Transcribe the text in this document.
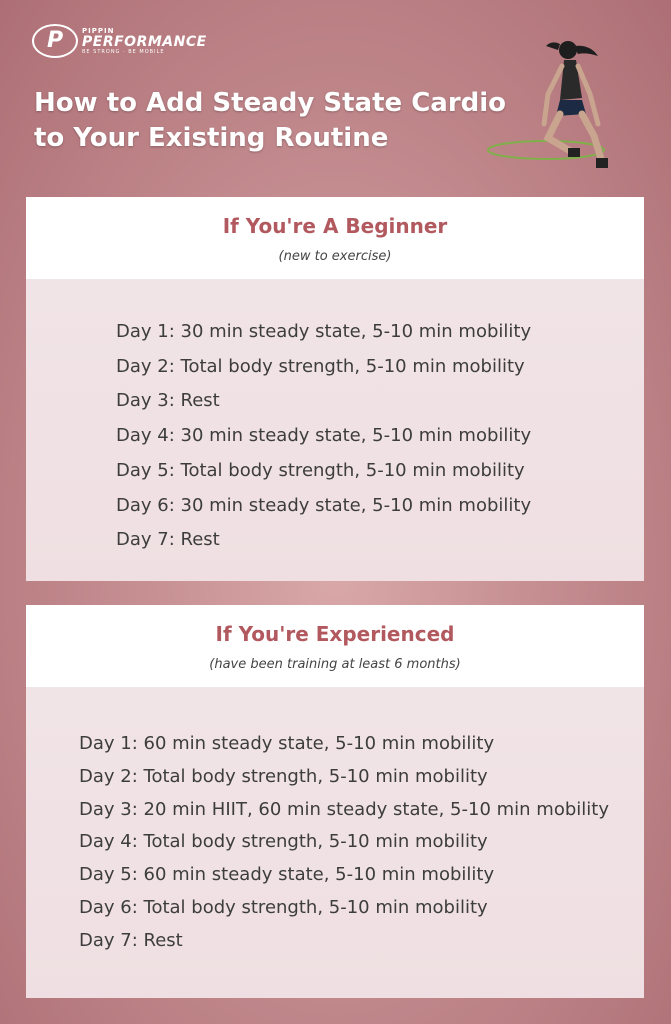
P	PIPPIN
PERFORMANCE
BE STRONG · BE MOBILE
How to Add Steady State Cardio to Your Existing Routine
If You're A Beginner
(new to exercise)
Day 1: 30 min steady state, 5-10 min mobility
Day 2: Total body strength, 5-10 min mobility
Day 3: Rest
Day 4: 30 min steady state, 5-10 min mobility
Day 5: Total body strength, 5-10 min mobility
Day 6: 30 min steady state, 5-10 min mobility
Day 7: Rest
If You're Experienced
(have been training at least 6 months)
Day 1: 60 min steady state, 5-10 min mobility
Day 2: Total body strength, 5-10 min mobility
Day 3: 20 min HIIT, 60 min steady state, 5-10 min mobility
Day 4: Total body strength, 5-10 min mobility
Day 5: 60 min steady state, 5-10 min mobility
Day 6: Total body strength, 5-10 min mobility
Day 7: Rest
